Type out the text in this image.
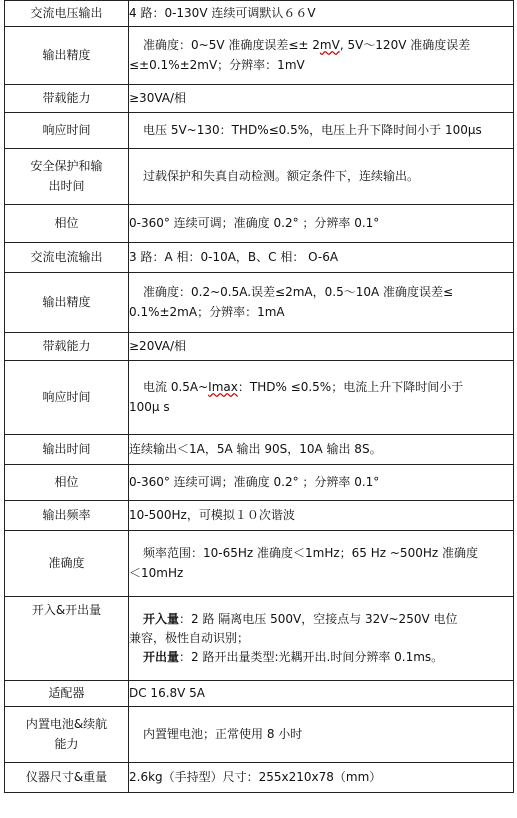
交流电压输出	4 路：0-130V 连续可调默认６６V
输出精度	准确度：0~5V 准确度误差≤± 2mV, 5V～120V 准确度误差
≤±0.1%±2mV；分辨率：1mV

带载能力	≥30VA/相
响应时间	电压 5V~130：THD%≤0.5%，电压上升下降时间小于 100μs

安全保护和输
出时间	过载保护和失真自动检测。额定条件下，连续输出。

相位	0-360° 连续可调；准确度 0.2° ；分辨率 0.1°
交流电流输出	3 路：A 相：0-10A，B、C 相： O-6A
输出精度	准确度：0.2~0.5A.误差≤2mA，0.5～10A 准确度误差≤
0.1%±2mA；分辨率：1mA

带载能力	≥20VA/相
响应时间	电流 0.5A~Imax：THD% ≤0.5%；电流上升下降时间小于
100μ s

输出时间	连续输出＜1A，5A 输出 90S，10A 输出 8S。
相位	0-360° 连续可调；准确度 0.2° ；分辨率 0.1°
输出频率	10-500Hz，可模拟１０次谐波
准确度	频率范围：10-65Hz 准确度＜1mHz；65 Hz ~500Hz 准确度
＜10mHz

开入&开出量	开入量：2 路 隔离电压 500V，空接点与 32V~250V 电位
兼容，极性自动识别；
开出量：2 路开出量类型:光耦开出.时间分辨率 0.1ms。

适配器	DC 16.8V 5A

内置电池&续航
能力	内置锂电池；正常使用 8 小时

仪器尺寸&重量	2.6kg（手持型）尺寸：255x210x78（mm）
